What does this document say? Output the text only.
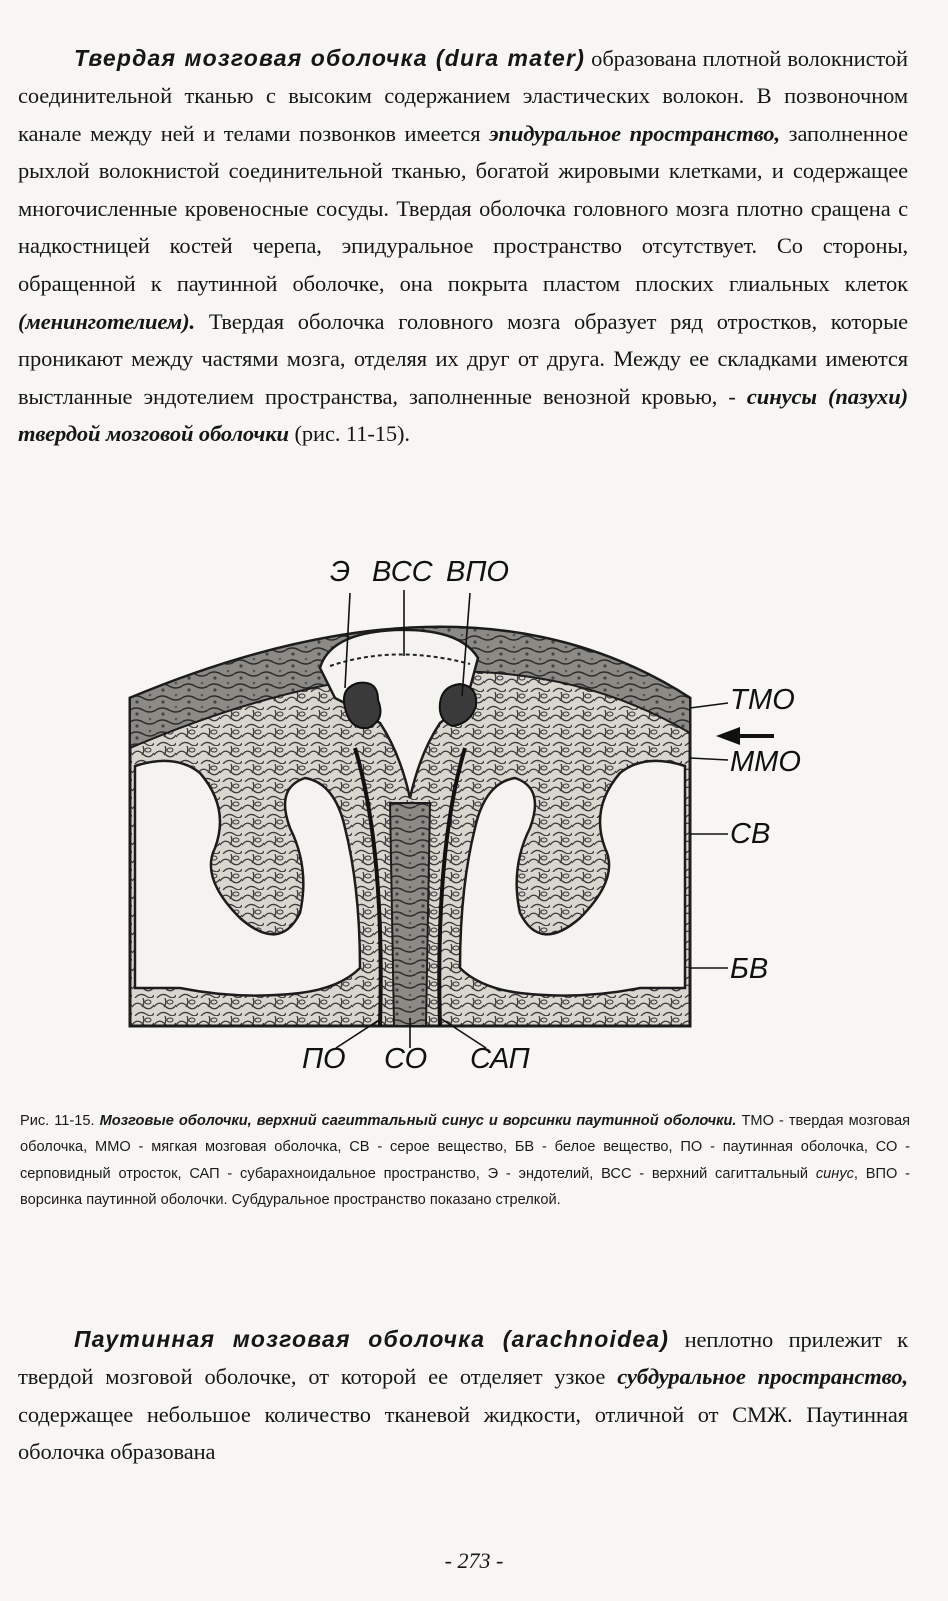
Твердая мозговая оболочка (dura mater) образована плотной волокнистой соединительной тканью с высоким содержанием эластических волокон. В позвоночном канале между ней и телами позвонков имеется эпидуральное пространство, заполненное рыхлой волокнистой соединительной тканью, богатой жировыми клетками, и содержащее многочисленные кровеносные сосуды. Твердая оболочка головного мозга плотно сращена с надкостницей костей черепа, эпидуральное пространство отсутствует. Со стороны, обращенной к паутинной оболочке, она покрыта пластом плоских глиальных клеток (менинготелием). Твердая оболочка головного мозга образует ряд отростков, которые проникают между частями мозга, отделяя их друг от друга. Между ее складками имеются выстланные эндотелием пространства, заполненные венозной кровью, - синусы (пазухи) твердой мозговой оболочки (рис. 11-15).

Э ВСС ВПО
ТМО
ММО
СВ
БВ
ПО СО САП

Рис. 11-15. Мозговые оболочки, верхний сагиттальный синус и ворсинки паутинной оболочки. ТМО - твердая мозговая оболочка, ММО - мягкая мозговая оболочка, СВ - серое вещество, БВ - белое вещество, ПО - паутинная оболочка, СО - серповидный отросток, САП - субарахноидальное пространство, Э - эндотелий, ВСС - верхний сагиттальный синус, ВПО - ворсинка паутинной оболочки. Субдуральное пространство показано стрелкой.

Паутинная мозговая оболочка (arachnoidea) неплотно прилежит к твердой мозговой оболочке, от которой ее отделяет узкое субдуральное пространство, содержащее небольшое количество тканевой жидкости, отличной от СМЖ. Паутинная оболочка образована

- 273 -
